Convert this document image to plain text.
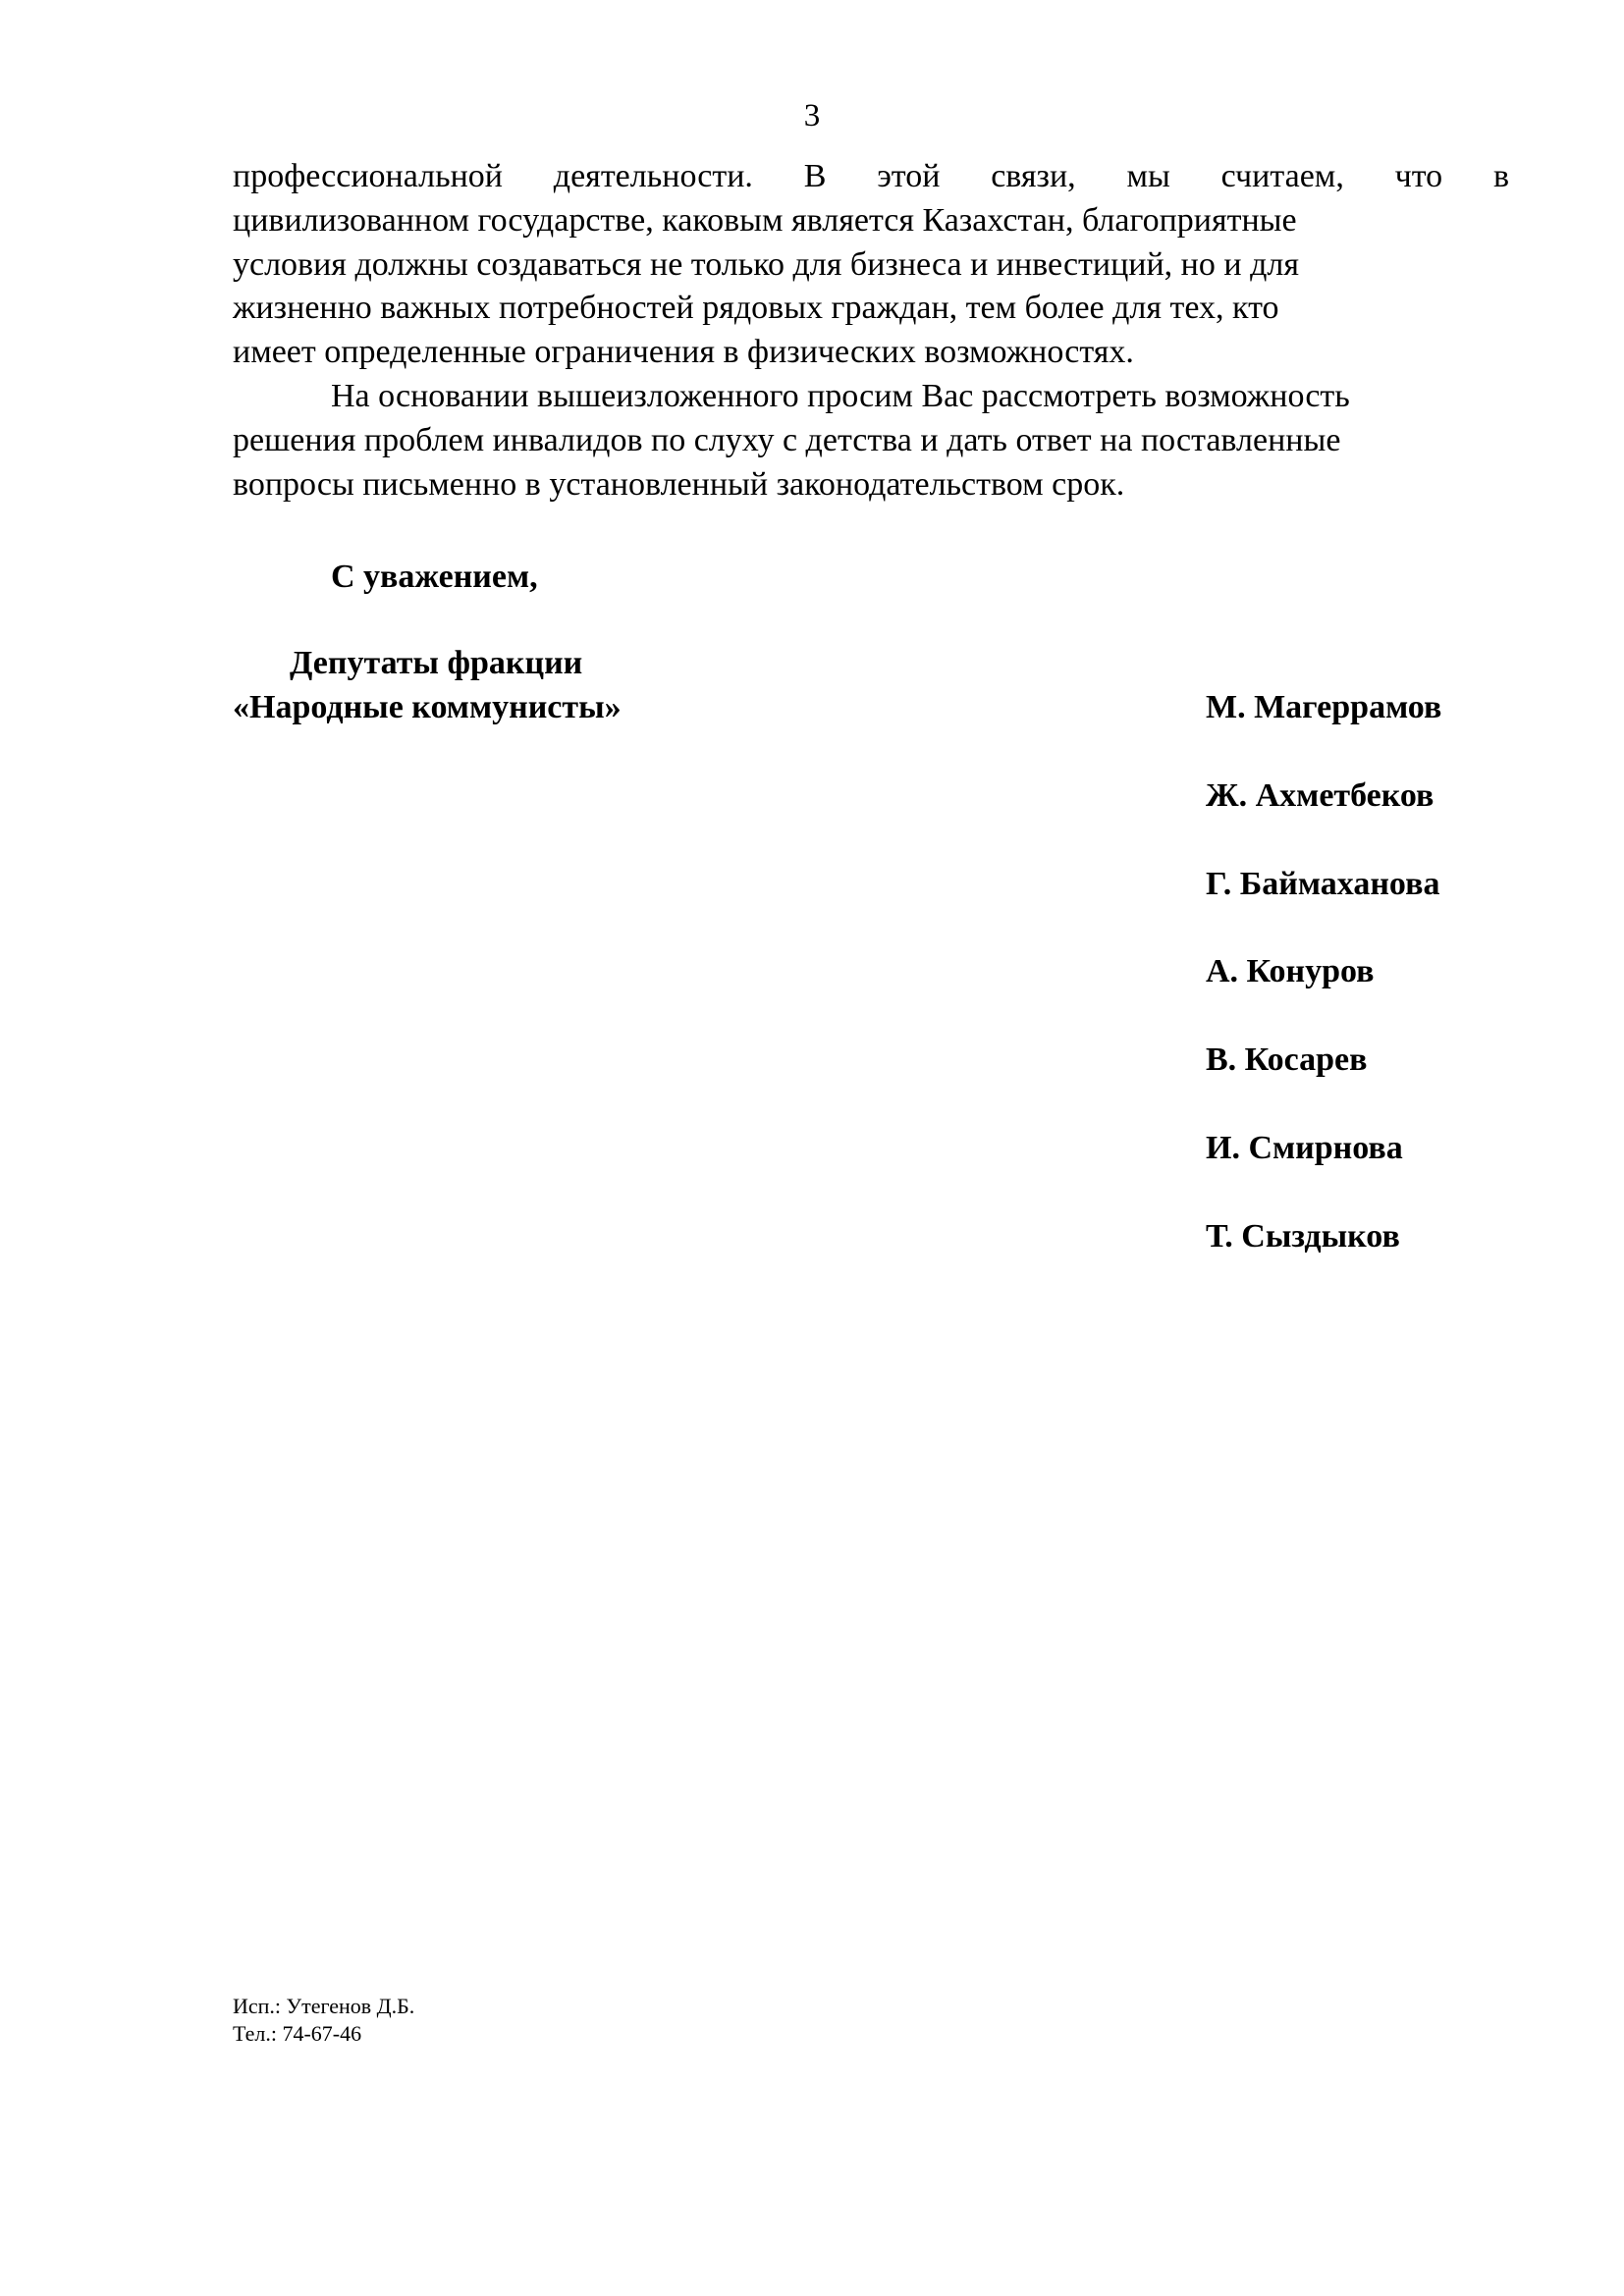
3
профессиональной деятельности. В этой связи, мы считаем, что в
цивилизованном государстве, каковым является Казахстан, благоприятные
условия должны создаваться не только для бизнеса и инвестиций, но и для
жизненно важных потребностей рядовых граждан, тем более для тех, кто
имеет определенные ограничения в физических возможностях.
На основании вышеизложенного просим Вас рассмотреть возможность
решения проблем инвалидов по слуху с детства и дать ответ на поставленные
вопросы письменно в установленный законодательством срок.
С уважением,
Депутаты фракции
«Народные коммунисты»	М. Магеррамов
Ж. Ахметбеков
Г. Баймаханова
А. Конуров
В. Косарев
И. Смирнова
Т. Сыздыков
Исп.: Утегенов Д.Б.
Тел.: 74-67-46
